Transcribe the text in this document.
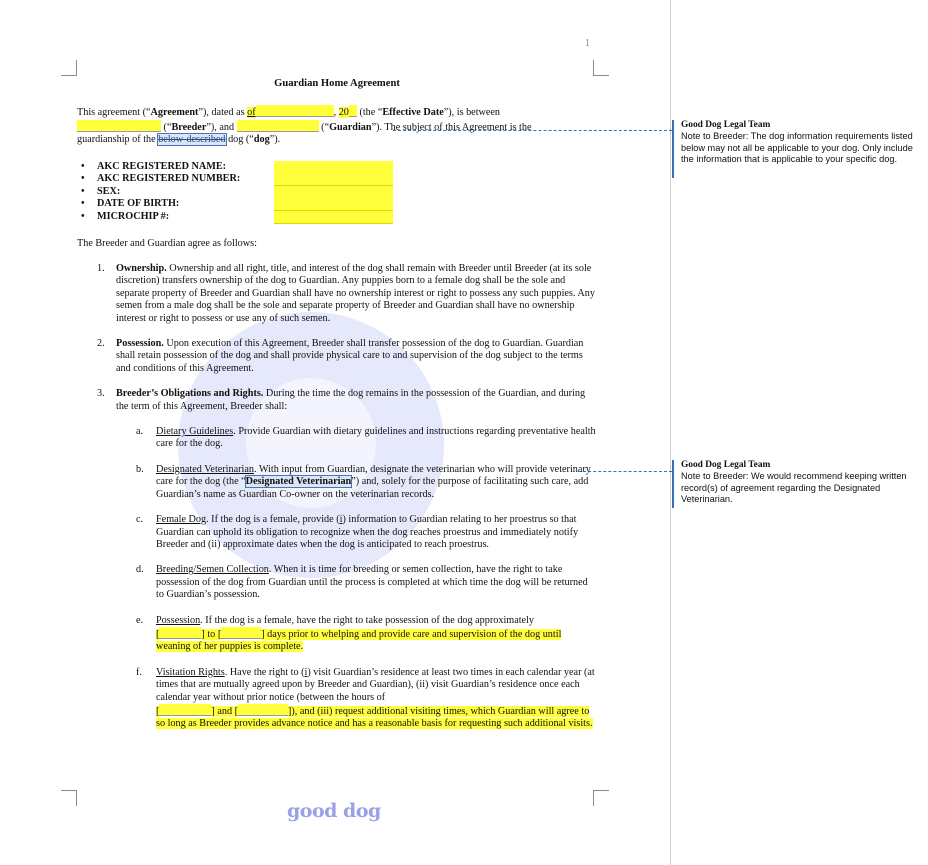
1

Guardian Home Agreement

This agreement (“Agreement”), dated as of	, 20 (the “Effective Date”), is between
(“Breeder”), and	(“Guardian”). The subject of this Agreement is the
guardianship of the below-described dog (“dog”).

• AKC REGISTERED NAME:
• AKC REGISTERED NUMBER:
• SEX:
• DATE OF BIRTH:
• MICROCHIP #:

The Breeder and Guardian agree as follows:

1. Ownership. Ownership and all right, title, and interest of the dog shall remain with Breeder until Breeder (at its sole discretion) transfers ownership of the dog to Guardian. Any puppies born to a female dog shall be the sole and separate property of Breeder and Guardian shall have no ownership interest or right to possess any such puppies. Any semen from a male dog shall be the sole and separate property of Breeder and Guardian shall have no ownership interest or right to possess or use any of such semen.
2. Possession. Upon execution of this Agreement, Breeder shall transfer possession of the dog to Guardian. Guardian shall retain possession of the dog and shall provide physical care to and supervision of the dog subject to the terms and conditions of this Agreement.
3. Breeder’s Obligations and Rights. During the time the dog remains in the possession of the Guardian, and during the term of this Agreement, Breeder shall:
a. Dietary Guidelines. Provide Guardian with dietary guidelines and instructions regarding preventative health care for the dog.
b. Designated Veterinarian. With input from Guardian, designate the veterinarian who will provide veterinary care for the dog (the “Designated Veterinarian”) and, solely for the purpose of facilitating such care, add Guardian’s name as Guardian Co-owner on the veterinarian records.
c. Female Dog. If the dog is a female, provide (i) information to Guardian relating to her proestrus so that Guardian can uphold its obligation to recognize when the dog reaches proestrus and immediately notify Breeder and (ii) approximate dates when the dog is anticipated to reach proestrus.
d. Breeding/Semen Collection. When it is time for breeding or semen collection, have the right to take possession of the dog from Guardian until the process is completed at which time the dog will be returned to Guardian’s possession.
e. Possession. If the dog is a female, have the right to take possession of the dog approximately
[	] to [	] days prior to whelping and provide care and supervision of the dog until weaning of her puppies is complete.
f. Visitation Rights. Have the right to (i) visit Guardian’s residence at least two times in each calendar year (at times that are mutually agreed upon by Breeder and Guardian), (ii) visit Guardian’s residence once each calendar year without prior notice (between the hours of
[	] and [	]), and (iii) request additional visiting times, which Guardian will agree to so long as Breeder provides advance notice and has a reasonable basis for requesting such additional visits.
good dog
Good Dog Legal Team
Note to Breeder: The dog information requirements listed below may not all be applicable to your dog. Only include the information that is applicable to your specific dog.
Good Dog Legal Team
Note to Breeder: We would recommend keeping written record(s) of agreement regarding the Designated Veterinarian.
